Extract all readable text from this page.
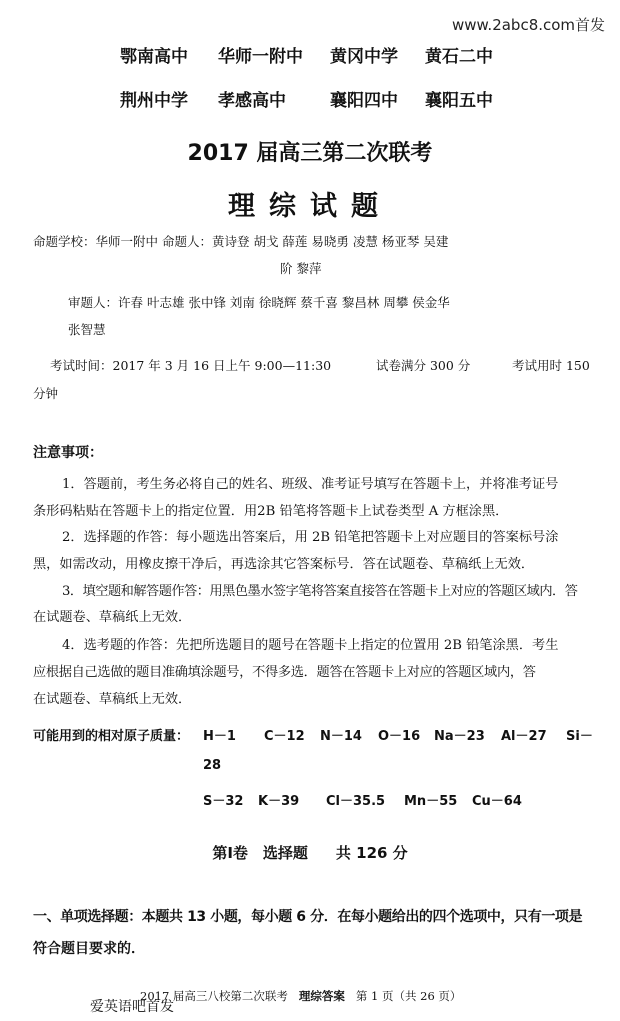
www.2abc8.com首发
鄂南高中 华师一附中 黄冈中学 黄石二中
荆州中学 孝感高中	襄阳四中 襄阳五中
2017 届高三第二次联考
理综试题
命题学校：华师一附中 命题人：黄诗登 胡戈 薛莲 易晓勇 凌慧 杨亚琴 吴建
阶 黎萍
审题人：许春 叶志雄 张中锋 刘南 徐晓辉 蔡千喜 黎昌林 周攀 侯金华
张智慧
考试时间：2017 年 3 月 16 日上午 9:00—11:30	试卷满分 300 分	考试用时 150
分钟
注意事项：
1．答题前，考生务必将自己的姓名、班级、准考证号填写在答题卡上，并将准考证号
条形码粘贴在答题卡上的指定位置．用2B 铅笔将答题卡上试卷类型 A 方框涂黑．
2．选择题的作答：每小题选出答案后，用 2B 铅笔把答题卡上对应题目的答案标号涂
黑，如需改动，用橡皮擦干净后，再选涂其它答案标号．答在试题卷、草稿纸上无效．
3．填空题和解答题作答：用黑色墨水签字笔将答案直接答在答题卡上对应的答题区域内．答
在试题卷、草稿纸上无效．
4．选考题的作答：先把所选题目的题号在答题卡上指定的位置用 2B 铅笔涂黑．考生
应根据自己选做的题目准确填涂题号，不得多选．题答在答题卡上对应的答题区域内，答
在试题卷、草稿纸上无效．
可能用到的相对原子质量： H－1 C－12 N－14 O－16 Na－23 Al－27 Si－
28
S－32 K－39 Cl－35.5 Mn－55 Cu－64
第Ⅰ卷　选择题 共 126 分
一、单项选择题：本题共 13 小题，每小题 6 分．在每小题给出的四个选项中，只有一项是
符合题目要求的．
2017 届高三八校第二次联考 理综答案 第 1 页（共 26 页）
爱英语吧首发
